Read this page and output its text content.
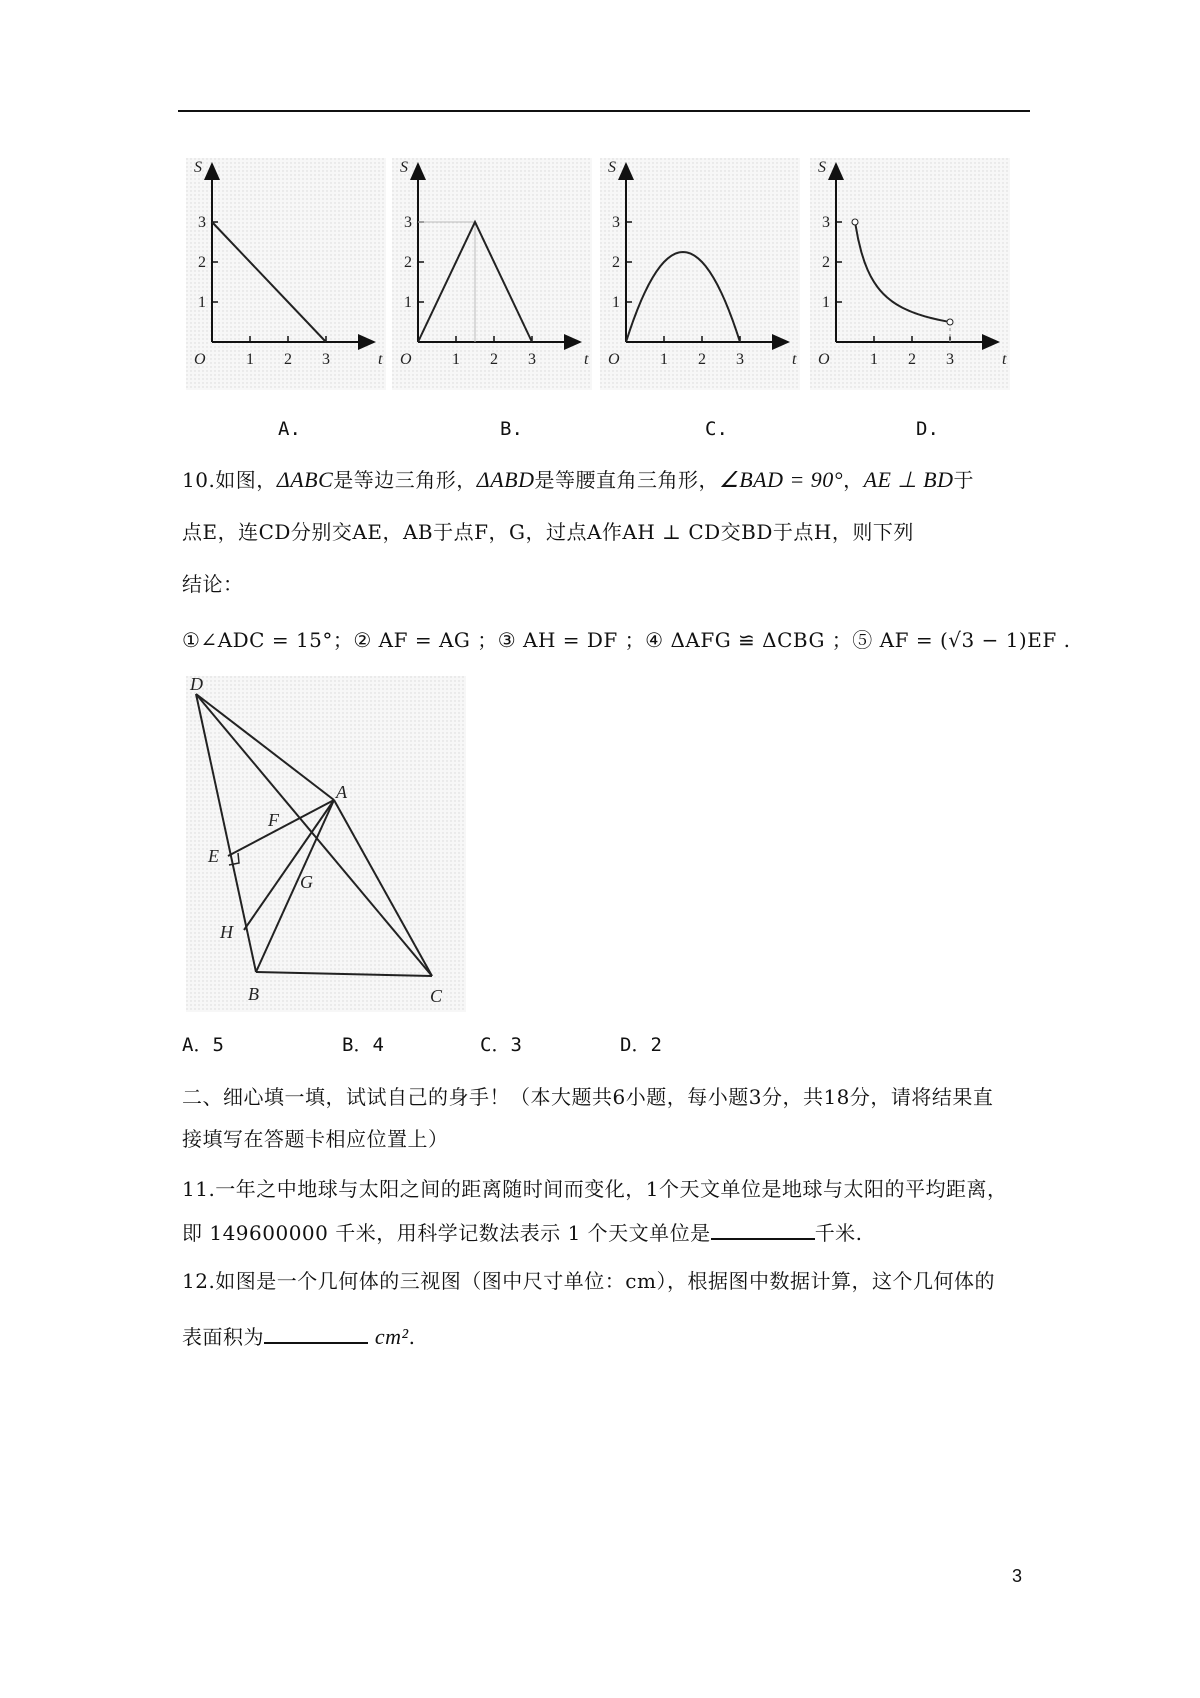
S
t
O	1 2 3
1
2
3
S
t
O	1 2 3
1
2
3
S
t
O	1 2 3
1
2
3
S
t
O	1 2 3
1
2
3
A.	B.	C.	D.
10.如图，ΔABC是等边三角形，ΔABD是等腰直角三角形，∠BAD = 90°，AE ⊥ BD于
点E，连CD分别交AE，AB于点F，G，过点A作AH ⊥ CD交BD于点H，则下列
结论：
①∠ADC = 15°；② AF = AG ；③ AH = DF ；④ ΔAFG ≌ ΔCBG ；⑤ AF = (√3 − 1)EF .
D
A
F
E
G
H
B	C
A．5	B．4	C．3	D．2
二、细心填一填，试试自己的身手！（本大题共6小题，每小题3分，共18分，请将结果直
接填写在答题卡相应位置上）
11.一年之中地球与太阳之间的距离随时间而变化，1个天文单位是地球与太阳的平均距离，
即 149600000 千米，用科学记数法表示 1 个天文单位是	千米.
12.如图是一个几何体的三视图（图中尺寸单位：cm），根据图中数据计算，这个几何体的
表面积为	cm².
3
